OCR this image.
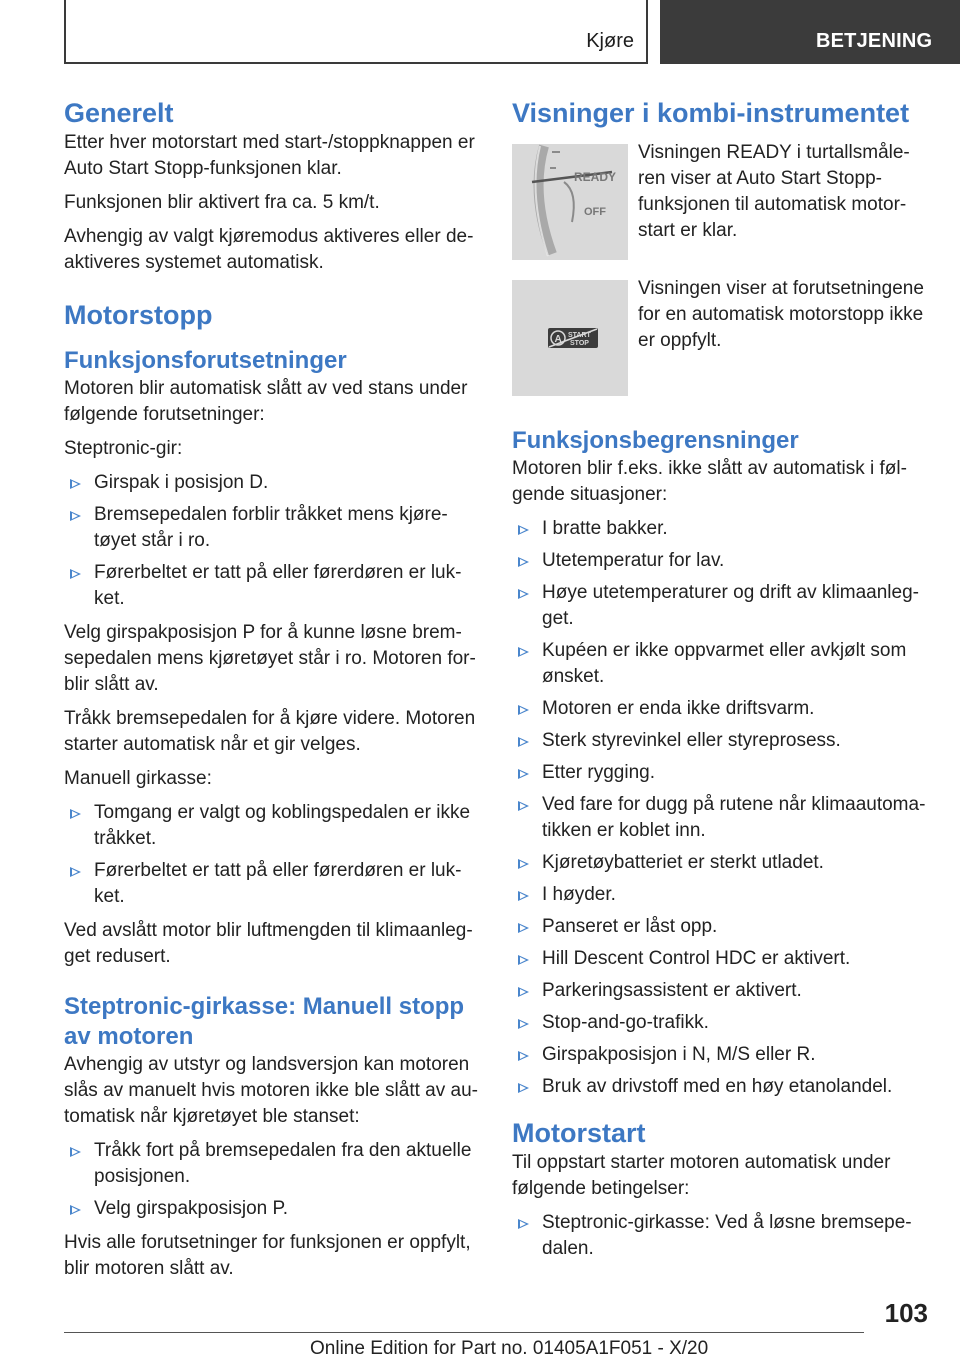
Kjøre	BETJENING
Generelt

Etter hver motorstart med start-/stoppknappen er Auto Start Stopp-funksjonen klar.

Funksjonen blir aktivert fra ca. 5 km/t.

Avhengig av valgt kjøremodus aktiveres eller de-aktiveres systemet automatisk.

Motorstopp
Funksjonsforutsetninger

Motoren blir automatisk slått av ved stans under følgende forutsetninger:

Steptronic-gir:

Girspak i posisjon D.
Bremsepedalen forblir tråkket mens kjøre-tøyet står i ro.
Førerbeltet er tatt på eller førerdøren er luk-ket.

Velg girspakposisjon P for å kunne løsne brem-sepedalen mens kjøretøyet står i ro. Motoren for-blir slått av.

Tråkk bremsepedalen for å kjøre videre. Motoren starter automatisk når et gir velges.

Manuell girkasse:

Tomgang er valgt og koblingspedalen er ikke tråkket.
Førerbeltet er tatt på eller førerdøren er luk-ket.

Ved avslått motor blir luftmengden til klimaanleg-get redusert.

Steptronic-girkasse: Manuell stopp av motoren

Avhengig av utstyr og landsversjon kan motoren slås av manuelt hvis motoren ikke ble slått av au-tomatisk når kjøretøyet ble stanset:

Tråkk fort på bremsepedalen fra den aktuelle posisjonen.
Velg girspakposisjon P.

Hvis alle forutsetninger for funksjonen er oppfylt, blir motoren slått av.

Visninger i kombi-instrumentet
READY
OFF

Visningen READY i turtallsmåle-ren viser at Auto Start Stopp-funksjonen til automatisk motor-start er klar.

A START
STOP

Visningen viser at forutsetningene for en automatisk motorstopp ikke er oppfylt.

Funksjonsbegrensninger

Motoren blir f.eks. ikke slått av automatisk i føl-gende situasjoner:

I bratte bakker.
Utetemperatur for lav.
Høye utetemperaturer og drift av klimaanleg-get.
Kupéen er ikke oppvarmet eller avkjølt som ønsket.
Motoren er enda ikke driftsvarm.
Sterk styrevinkel eller styreprosess.
Etter rygging.
Ved fare for dugg på rutene når klimaautoma-tikken er koblet inn.
Kjøretøybatteriet er sterkt utladet.
I høyder.
Panseret er låst opp.
Hill Descent Control HDC er aktivert.
Parkeringsassistent er aktivert.
Stop-and-go-trafikk.
Girspakposisjon i N, M/S eller R.
Bruk av drivstoff med en høy etanolandel.
Motorstart

Til oppstart starter motoren automatisk under følgende betingelser:

Steptronic-girkasse: Ved å løsne bremsepe-dalen.
103
Online Edition for Part no. 01405A1F051 - X/20
